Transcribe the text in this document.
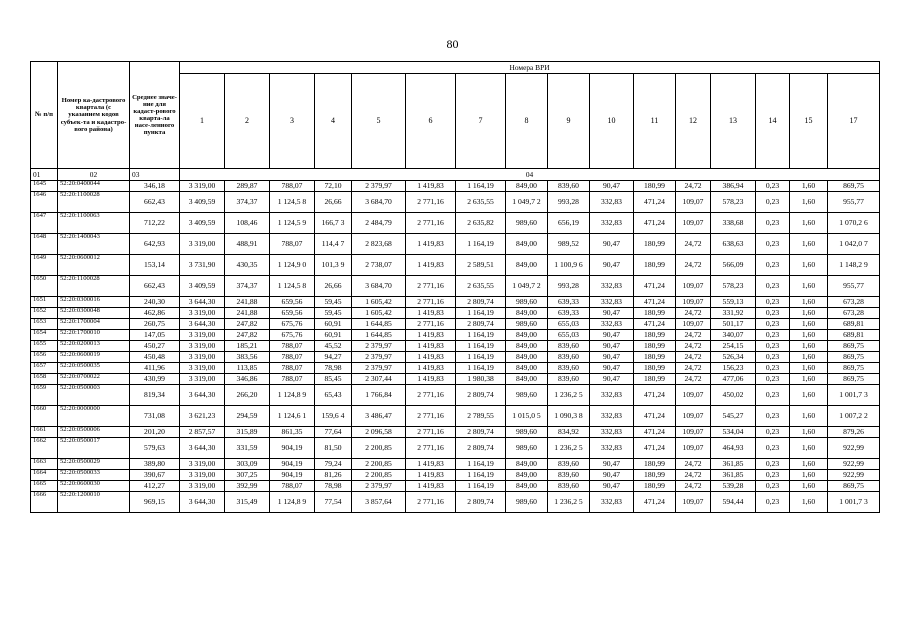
80
№ п/п	Номер ка-дастрового квартала (с указанием кодов субъек-та и кадастро-вого района)	Среднее значе-ние для кадаст-рового кварта-ла насе-ленного пункта	Номера ВРИ															
			1	2	3	4	5	6	7	8	9	10	11	12	13	14	15	17
01	02	03	04															
1645	52:20:0400044	346,18	3 319,00	289,87	788,07	72,10	2 379,97	1 419,83	1 164,19	849,00	839,60	90,47	180,99	24,72	386,94	0,23	1,60	869,75
1646	52:20:1100028	662,43	3 409,59	374,37	1 124,5 8	26,66	3 684,70	2 771,16	2 635,55	1 049,7 2	993,28	332,83	471,24	109,07	578,23	0,23	1,60	955,77
1647	52:20:1100063	712,22	3 409,59	108,46	1 124,5 9	166,7 3	2 484,79	2 771,16	2 635,82	989,60	656,19	332,83	471,24	109,07	338,68	0,23	1,60	1 070,2 6
1648	52:20:1400043	642,93	3 319,00	488,91	788,07	114,4 7	2 823,68	1 419,83	1 164,19	849,00	989,52	90,47	180,99	24,72	638,63	0,23	1,60	1 042,0 7
1649	52:20:0600012	153,14	3 731,90	430,35	1 124,9 0	101,3 9	2 738,07	1 419,83	2 589,51	849,00	1 100,9 6	90,47	180,99	24,72	566,09	0,23	1,60	1 148,2 9
1650	52:20:1100028	662,43	3 409,59	374,37	1 124,5 8	26,66	3 684,70	2 771,16	2 635,55	1 049,7 2	993,28	332,83	471,24	109,07	578,23	0,23	1,60	955,77
1651	52:20:0300016	240,30	3 644,30	241,88	659,56	59,45	1 605,42	2 771,16	2 809,74	989,60	639,33	332,83	471,24	109,07	559,13	0,23	1,60	673,28
1652	52:20:0300048	462,86	3 319,00	241,88	659,56	59,45	1 605,42	1 419,83	1 164,19	849,00	639,33	90,47	180,99	24,72	331,92	0,23	1,60	673,28
1653	52:20:1700004	260,75	3 644,30	247,82	675,76	60,91	1 644,85	2 771,16	2 809,74	989,60	655,03	332,83	471,24	109,07	501,17	0,23	1,60	689,81
1654	52:20:1700010	147,05	3 319,00	247,82	675,76	60,91	1 644,85	1 419,83	1 164,19	849,00	655,03	90,47	180,99	24,72	340,07	0,23	1,60	689,81
1655	52:20:0200013	450,27	3 319,00	185,21	788,07	45,52	2 379,97	1 419,83	1 164,19	849,00	839,60	90,47	180,99	24,72	254,15	0,23	1,60	869,75
1656	52:20:0600019	450,48	3 319,00	383,56	788,07	94,27	2 379,97	1 419,83	1 164,19	849,00	839,60	90,47	180,99	24,72	526,34	0,23	1,60	869,75
1657	52:20:0500035	411,96	3 319,00	113,85	788,07	78,98	2 379,97	1 419,83	1 164,19	849,00	839,60	90,47	180,99	24,72	156,23	0,23	1,60	869,75
1658	52:20:0700022	430,99	3 319,00	346,86	788,07	85,45	2 307,44	1 419,83	1 980,38	849,00	839,60	90,47	180,99	24,72	477,06	0,23	1,60	869,75
1659	52:20:0500003	819,34	3 644,30	266,20	1 124,8 9	65,43	1 766,84	2 771,16	2 809,74	989,60	1 236,2 5	332,83	471,24	109,07	450,02	0,23	1,60	1 001,7 3
1660	52:20:0000000	731,08	3 621,23	294,59	1 124,6 1	159,6 4	3 486,47	2 771,16	2 789,55	1 015,0 5	1 090,3 8	332,83	471,24	109,07	545,27	0,23	1,60	1 007,2 2
1661	52:20:0500006	201,20	2 857,57	315,89	861,35	77,64	2 096,58	2 771,16	2 809,74	989,60	834,92	332,83	471,24	109,07	534,04	0,23	1,60	879,26
1662	52:20:0500017	579,63	3 644,30	331,59	904,19	81,50	2 200,85	2 771,16	2 809,74	989,60	1 236,2 5	332,83	471,24	109,07	464,93	0,23	1,60	922,99
1663	52:20:0500029	389,80	3 319,00	303,09	904,19	79,24	2 200,85	1 419,83	1 164,19	849,00	839,60	90,47	180,99	24,72	361,85	0,23	1,60	922,99
1664	52:20:0500033	390,67	3 319,00	307,25	904,19	81,26	2 200,85	1 419,83	1 164,19	849,00	839,60	90,47	180,99	24,72	361,85	0,23	1,60	922,99
1665	52:20:0600030	412,27	3 319,00	392,99	788,07	78,98	2 379,97	1 419,83	1 164,19	849,00	839,60	90,47	180,99	24,72	539,28	0,23	1,60	869,75
1666	52:20:1200010	969,15	3 644,30	315,49	1 124,8 9	77,54	3 857,64	2 771,16	2 809,74	989,60	1 236,2 5	332,83	471,24	109,07	594,44	0,23	1,60	1 001,7 3
